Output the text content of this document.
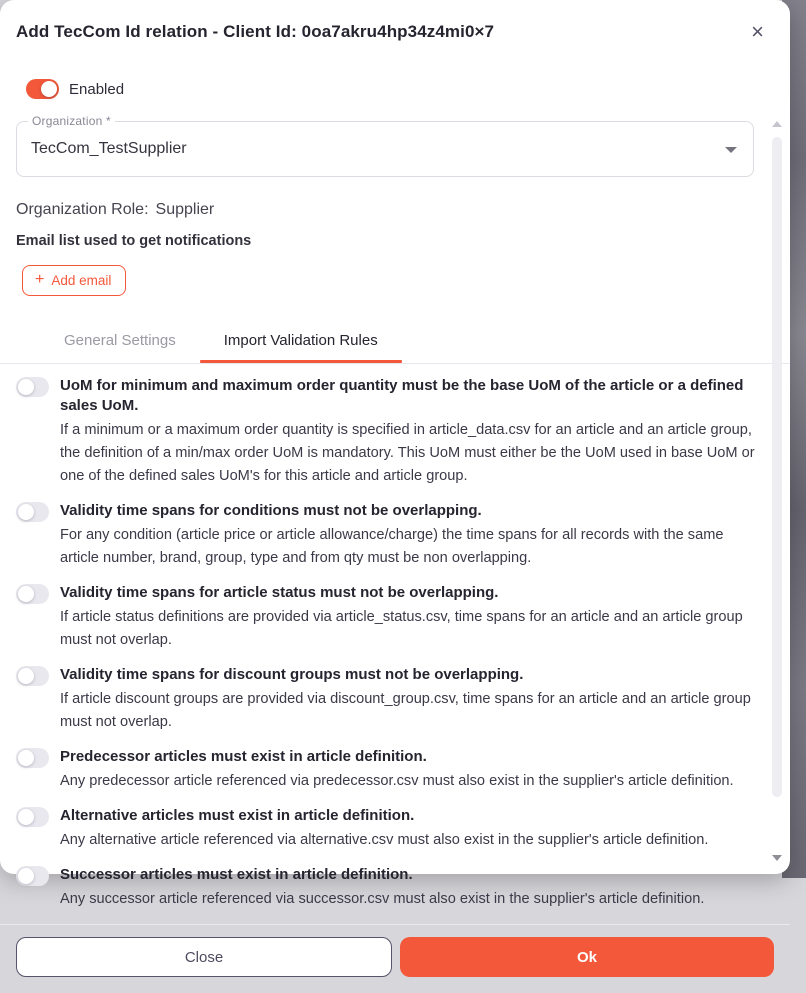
Add TecCom Id relation - Client Id: 0oa7akru4hp34z4mi0×7	×
Enabled
Organization *
TecCom_TestSupplier
Organization Role: Supplier
Email list used to get notifications
+ Add email
General Settings	Import Validation Rules
UoM for minimum and maximum order quantity must be the base UoM of the article or a defined sales UoM.
If a minimum or a maximum order quantity is specified in article_data.csv for an article and an article group, the definition of a min/max order UoM is mandatory. This UoM must either be the UoM used in base UoM or one of the defined sales UoM's for this article and article group.
Validity time spans for conditions must not be overlapping.
For any condition (article price or article allowance/charge) the time spans for all records with the same article number, brand, group, type and from qty must be non overlapping.
Validity time spans for article status must not be overlapping.
If article status definitions are provided via article_status.csv, time spans for an article and an article group must not overlap.
Validity time spans for discount groups must not be overlapping.
If article discount groups are provided via discount_group.csv, time spans for an article and an article group must not overlap.
Predecessor articles must exist in article definition.
Any predecessor article referenced via predecessor.csv must also exist in the supplier's article definition.
Alternative articles must exist in article definition.
Any alternative article referenced via alternative.csv must also exist in the supplier's article definition.
Successor articles must exist in article definition.
Any successor article referenced via successor.csv must also exist in the supplier's article definition.
Close	Ok
